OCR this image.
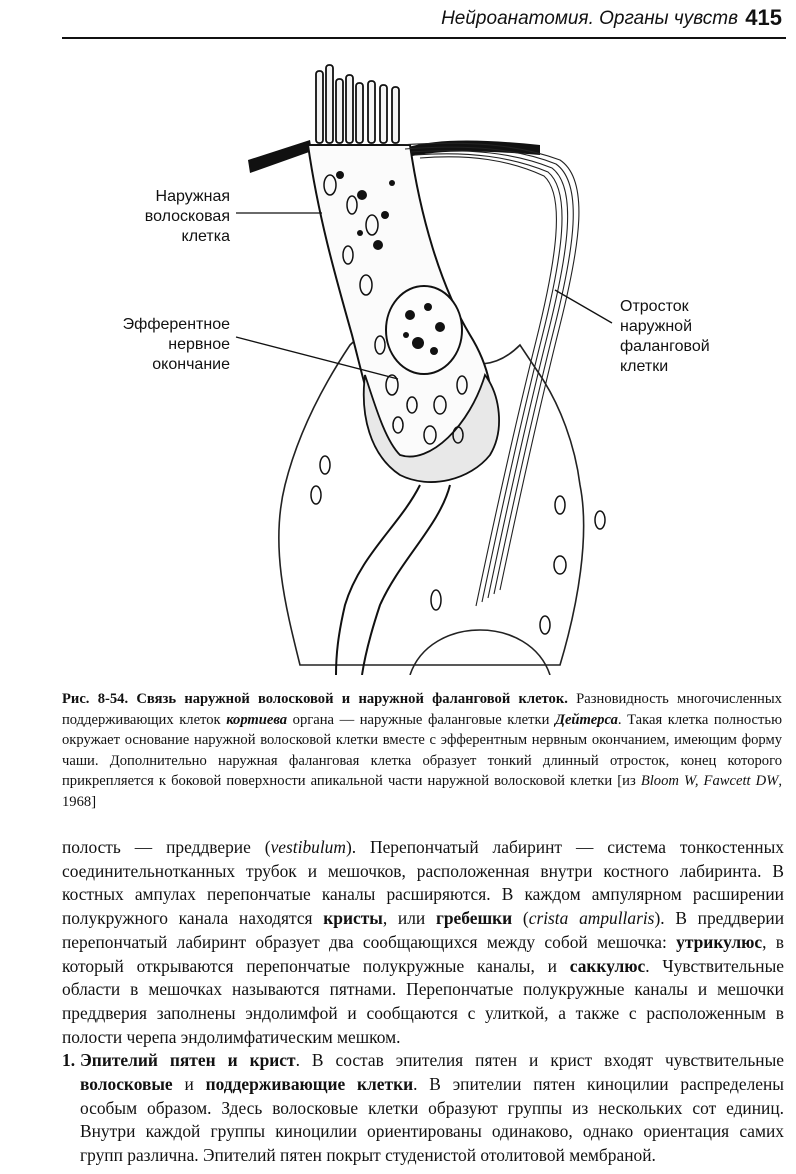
Нейроанатомия. Органы чувств 415
Наружная
волосковая
клетка
Эфферентное
нервное
окончание
Отросток
наружной
фаланговой
клетки
Рис. 8-54. Связь наружной волосковой и наружной фаланговой клеток. Разновидность многочисленных поддерживающих клеток кортиева органа — наружные фаланговые клетки Дейтерса. Такая клетка полностью окружает основание наружной волосковой клетки вместе с эфферентным нервным окончанием, имеющим форму чаши. Дополнительно наружная фаланговая клетка образует тонкий длинный отросток, конец которого прикрепляется к боковой поверхности апикальной части наружной волосковой клетки [из Bloom W, Fawcett DW, 1968]

полость — преддверие (vestibulum). Перепончатый лабиринт — система тонкостенных соединительнотканных трубок и мешочков, расположенная внутри костного лабиринта. В костных ампулах перепончатые каналы расширяются. В каждом ампулярном расширении полукружного канала находятся кристы, или гребешки (crista ampullaris). В преддверии перепончатый лабиринт образует два сообщающихся между собой мешочка: утрикулюс, в который открываются перепончатые полукружные каналы, и саккулюс. Чувствительные области в мешочках называются пятнами. Перепончатые полукружные каналы и мешочки преддверия заполнены эндолимфой и сообщаются с улиткой, а также с расположенным в полости черепа эндолимфатическим мешком.

1. Эпителий пятен и крист. В состав эпителия пятен и крист входят чувствительные волосковые и поддерживающие клетки. В эпителии пятен киноцилии распределены особым образом. Здесь волосковые клетки образуют группы из нескольких сот единиц. Внутри каждой группы киноцилии ориентированы одинаково, однако ориентация самих групп различна. Эпителий пятен покрыт студенистой отолитовой мембраной.
